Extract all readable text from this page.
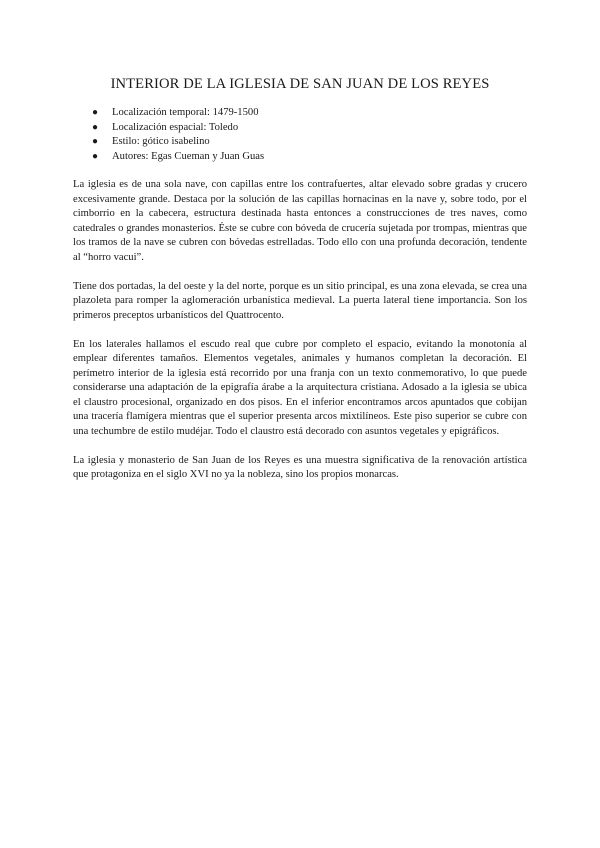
INTERIOR DE LA IGLESIA DE SAN JUAN DE LOS REYES
● Localización temporal: 1479-1500
● Localización espacial: Toledo
● Estilo: gótico isabelino
● Autores: Egas Cueman y Juan Guas

La iglesia es de una sola nave, con capillas entre los contrafuertes, altar elevado sobre gradas y crucero excesivamente grande. Destaca por la solución de las capillas hornacinas en la nave y, sobre todo, por el cimborrio en la cabecera, estructura destinada hasta entonces a construcciones de tres naves, como catedrales o grandes monasterios. Éste se cubre con bóveda de crucería sujetada por trompas, mientras que los tramos de la nave se cubren con bóvedas estrelladas. Todo ello con una profunda decoración, tendente al “horro vacui”.

Tiene dos portadas, la del oeste y la del norte, porque es un sitio principal, es una zona elevada, se crea una plazoleta para romper la aglomeración urbanística medieval. La puerta lateral tiene importancia. Son los primeros preceptos urbanísticos del Quattrocento.

En los laterales hallamos el escudo real que cubre por completo el espacio, evitando la monotonía al emplear diferentes tamaños. Elementos vegetales, animales y humanos completan la decoración. El perímetro interior de la iglesia está recorrido por una franja con un texto conmemorativo, lo que puede considerarse una adaptación de la epigrafía árabe a la arquitectura cristiana. Adosado a la iglesia se ubica el claustro procesional, organizado en dos pisos. En el inferior encontramos arcos apuntados que cobijan una tracería flamígera mientras que el superior presenta arcos mixtilíneos. Este piso superior se cubre con una techumbre de estilo mudéjar. Todo el claustro está decorado con asuntos vegetales y epigráficos.

La iglesia y monasterio de San Juan de los Reyes es una muestra significativa de la renovación artística que protagoniza en el siglo XVI no ya la nobleza, sino los propios monarcas.
